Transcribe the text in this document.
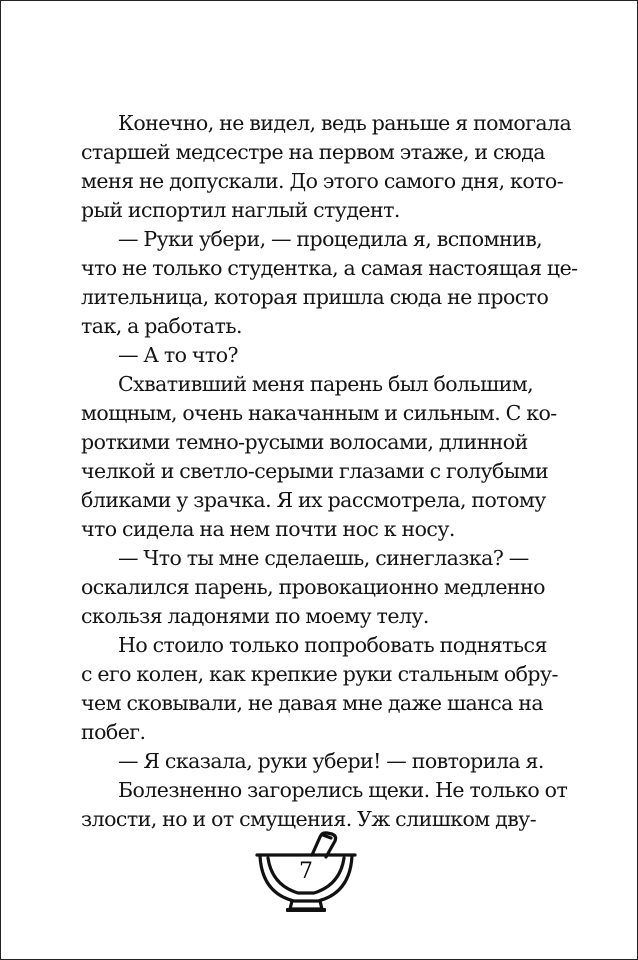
Конечно, не видел, ведь раньше я помогала
старшей медсестре на первом этаже, и сюда
меня не допускали. До этого самого дня, кото-
рый испортил наглый студент.
— Руки убери, — процедила я, вспомнив,
что не только студентка, а самая настоящая це-
лительница, которая пришла сюда не просто
так, а работать.
— А то что?
Схвативший меня парень был большим,
мощным, очень накачанным и сильным. С ко-
роткими темно-русыми волосами, длинной
челкой и светло-серыми глазами с голубыми
бликами у зрачка. Я их рассмотрела, потому
что сидела на нем почти нос к носу.
— Что ты мне сделаешь, синеглазка? —
оскалился парень, провокационно медленно
скользя ладонями по моему телу.
Но стоило только попробовать подняться
с его колен, как крепкие руки стальным обру-
чем сковывали, не давая мне даже шанса на
побег.
— Я сказала, руки убери! — повторила я.
Болезненно загорелись щеки. Не только от
злости, но и от смущения. Уж слишком дву-
7
